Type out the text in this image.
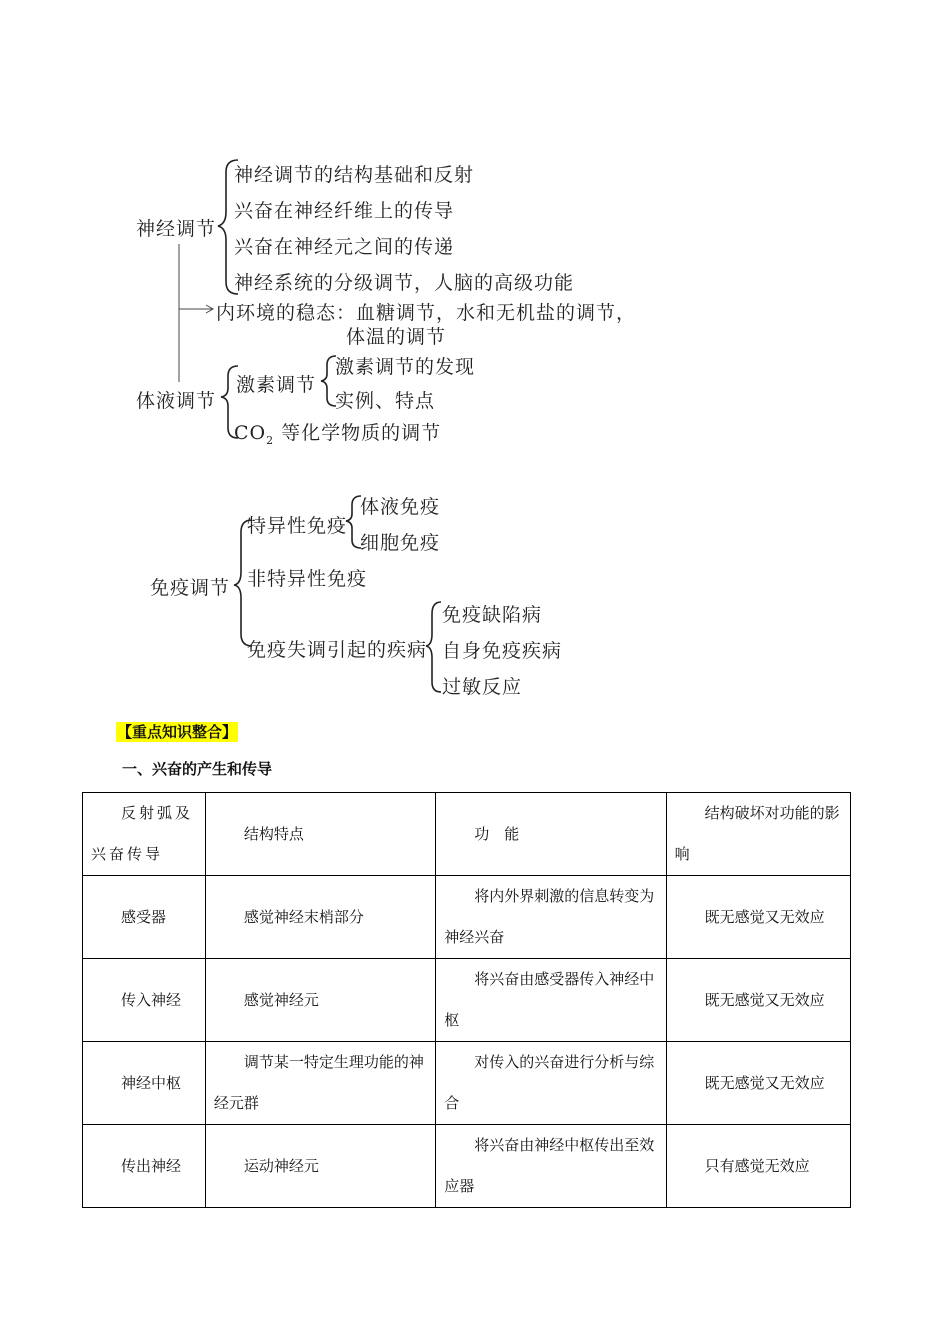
神经调节
神经调节的结构基础和反射
兴奋在神经纤维上的传导
兴奋在神经元之间的传递
神经系统的分级调节，人脑的高级功能
内环境的稳态：血糖调节，水和无机盐的调节，
体温的调节
体液调节
激素调节
激素调节的发现
实例、特点
$CO_2$ 等化学物质的调节
免疫调节
特异性免疫
体液免疫
细胞免疫
非特异性免疫
免疫失调引起的疾病
免疫缺陷病
自身免疫疾病
过敏反应
【重点知识整合】
一、兴奋的产生和传导
反射弧及兴奋传导	结构特点	功　能	结构破坏对功能的影响
感受器	感觉神经末梢部分	将内外界刺激的信息转变为神经兴奋	既无感觉又无效应
传入神经	感觉神经元	将兴奋由感受器传入神经中枢	既无感觉又无效应
神经中枢	调节某一特定生理功能的神经元群	对传入的兴奋进行分析与综合	既无感觉又无效应
传出神经	运动神经元	将兴奋由神经中枢传出至效应器	只有感觉无效应
